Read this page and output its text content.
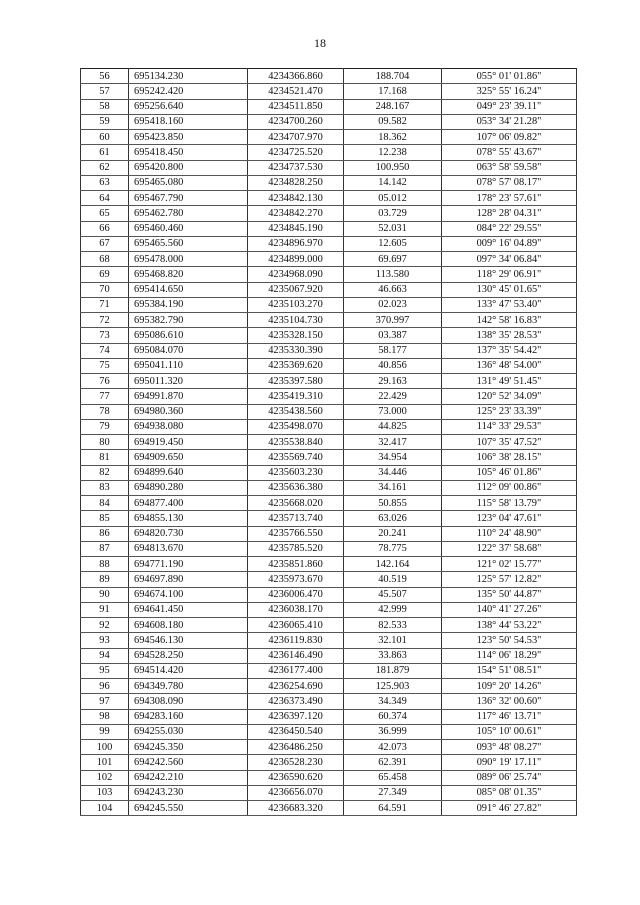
18
56	695134.230	4234366.860	188.704	055° 01' 01.86"
57	695242.420	4234521.470	17.168	325° 55' 16.24"
58	695256.640	4234511.850	248.167	049° 23' 39.11"
59	695418.160	4234700.260	09.582	053° 34' 21.28"
60	695423.850	4234707.970	18.362	107° 06' 09.82"
61	695418.450	4234725.520	12.238	078° 55' 43.67"
62	695420.800	4234737.530	100.950	063° 58' 59.58"
63	695465.080	4234828.250	14.142	078° 57' 08.17"
64	695467.790	4234842.130	05.012	178° 23' 57.61"
65	695462.780	4234842.270	03.729	128° 28' 04.31"
66	695460.460	4234845.190	52.031	084° 22' 29.55"
67	695465.560	4234896.970	12.605	009° 16' 04.89"
68	695478.000	4234899.000	69.697	097° 34' 06.84"
69	695468.820	4234968.090	113.580	118° 29' 06.91"
70	695414.650	4235067.920	46.663	130° 45' 01.65"
71	695384.190	4235103.270	02.023	133° 47' 53.40"
72	695382.790	4235104.730	370.997	142° 58' 16.83"
73	695086.610	4235328.150	03.387	138° 35' 28.53"
74	695084.070	4235330.390	58.177	137° 35' 54.42"
75	695041.110	4235369.620	40.856	136° 48' 54.00"
76	695011.320	4235397.580	29.163	131° 49' 51.45"
77	694991.870	4235419.310	22.429	120° 52' 34.09"
78	694980.360	4235438.560	73.000	125° 23' 33.39"
79	694938.080	4235498.070	44.825	114° 33' 29.53"
80	694919.450	4235538.840	32.417	107° 35' 47.52"
81	694909.650	4235569.740	34.954	106° 38' 28.15"
82	694899.640	4235603.230	34.446	105° 46' 01.86"
83	694890.280	4235636.380	34.161	112° 09' 00.86"
84	694877.400	4235668.020	50.855	115° 58' 13.79"
85	694855.130	4235713.740	63.026	123° 04' 47.61"
86	694820.730	4235766.550	20.241	110° 24' 48.90"
87	694813.670	4235785.520	78.775	122° 37' 58.68"
88	694771.190	4235851.860	142.164	121° 02' 15.77"
89	694697.890	4235973.670	40.519	125° 57' 12.82"
90	694674.100	4236006.470	45.507	135° 50' 44.87"
91	694641.450	4236038.170	42.999	140° 41' 27.26"
92	694608.180	4236065.410	82.533	138° 44' 53.22"
93	694546.130	4236119.830	32.101	123° 50' 54.53"
94	694528.250	4236146.490	33.863	114° 06' 18.29"
95	694514.420	4236177.400	181.879	154° 51' 08.51"
96	694349.780	4236254.690	125.903	109° 20' 14.26"
97	694308.090	4236373.490	34.349	136° 32' 00.60"
98	694283.160	4236397.120	60.374	117° 46' 13.71"
99	694255.030	4236450.540	36.999	105° 10' 00.61"
100	694245.350	4236486.250	42.073	093° 48' 08.27"
101	694242.560	4236528.230	62.391	090° 19' 17.11"
102	694242.210	4236590.620	65.458	089° 06' 25.74"
103	694243.230	4236656.070	27.349	085° 08' 01.35"
104	694245.550	4236683.320	64.591	091° 46' 27.82"
